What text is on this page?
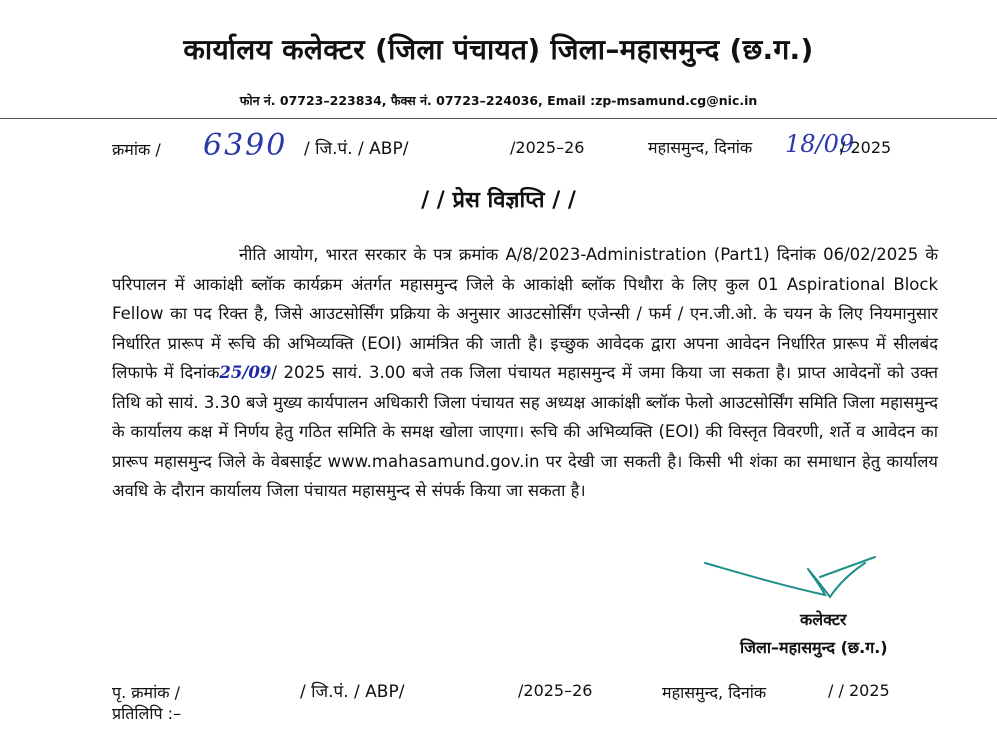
कार्यालय कलेक्टर (जिला पंचायत) जिला–महासमुन्द (छ.ग.)
फोन नं. 07723–223834, फैक्स नं. 07723–224036, Email :zp-msamund.cg@nic.in
क्रमांक / 6390 / जि.पं. / ABP/	/2025–26	महासमुन्द, दिनांक 18/09
/ 2025
/ / प्रेस विज्ञप्ति / /

नीति आयोग, भारत सरकार के पत्र क्रमांक A/8/2023-Administration (Part1) दिनांक 06/02/2025 के परिपालन में आकांक्षी ब्लॉक कार्यक्रम अंतर्गत महासमुन्द जिले के आकांक्षी ब्लॉक पिथौरा के लिए कुल 01 Aspirational Block Fellow का पद रिक्त है, जिसे आउटसोर्सिंग प्रक्रिया के अनुसार आउटसोर्सिंग एजेन्सी / फर्म / एन.जी.ओ. के चयन के लिए नियमानुसार निर्धारित प्रारूप में रूचि की अभिव्यक्ति (EOI) आमंत्रित की जाती है। इच्छुक आवेदक द्वारा अपना आवेदन निर्धारित प्रारूप में सीलबंद लिफाफे में दिनांक25/09/ 2025 सायं. 3.00 बजे तक जिला पंचायत महासमुन्द में जमा किया जा सकता है। प्राप्त आवेदनों को उक्त तिथि को सायं. 3.30 बजे मुख्य कार्यपालन अधिकारी जिला पंचायत सह अध्यक्ष आकांक्षी ब्लॉक फेलो आउटसोर्सिंग समिति जिला महासमुन्द के कार्यालय कक्ष में निर्णय हेतु गठित समिति के समक्ष खोला जाएगा। रूचि की अभिव्यक्ति (EOI) की विस्तृत विवरणी, शर्ते व आवेदन का प्रारूप महासमुन्द जिले के वेबसाईट www.mahasamund.gov.in पर देखी जा सकती है। किसी भी शंका का समाधान हेतु कार्यालय अवधि के दौरान कार्यालय जिला पंचायत महासमुन्द से संपर्क किया जा सकता है।

कलेक्टर
जिला–महासमुन्द (छ.ग.)
पृ. क्रमांक /	/ जि.पं. / ABP/	/2025–26	महासमुन्द, दिनांक	/ / 2025
प्रतिलिपि :–
